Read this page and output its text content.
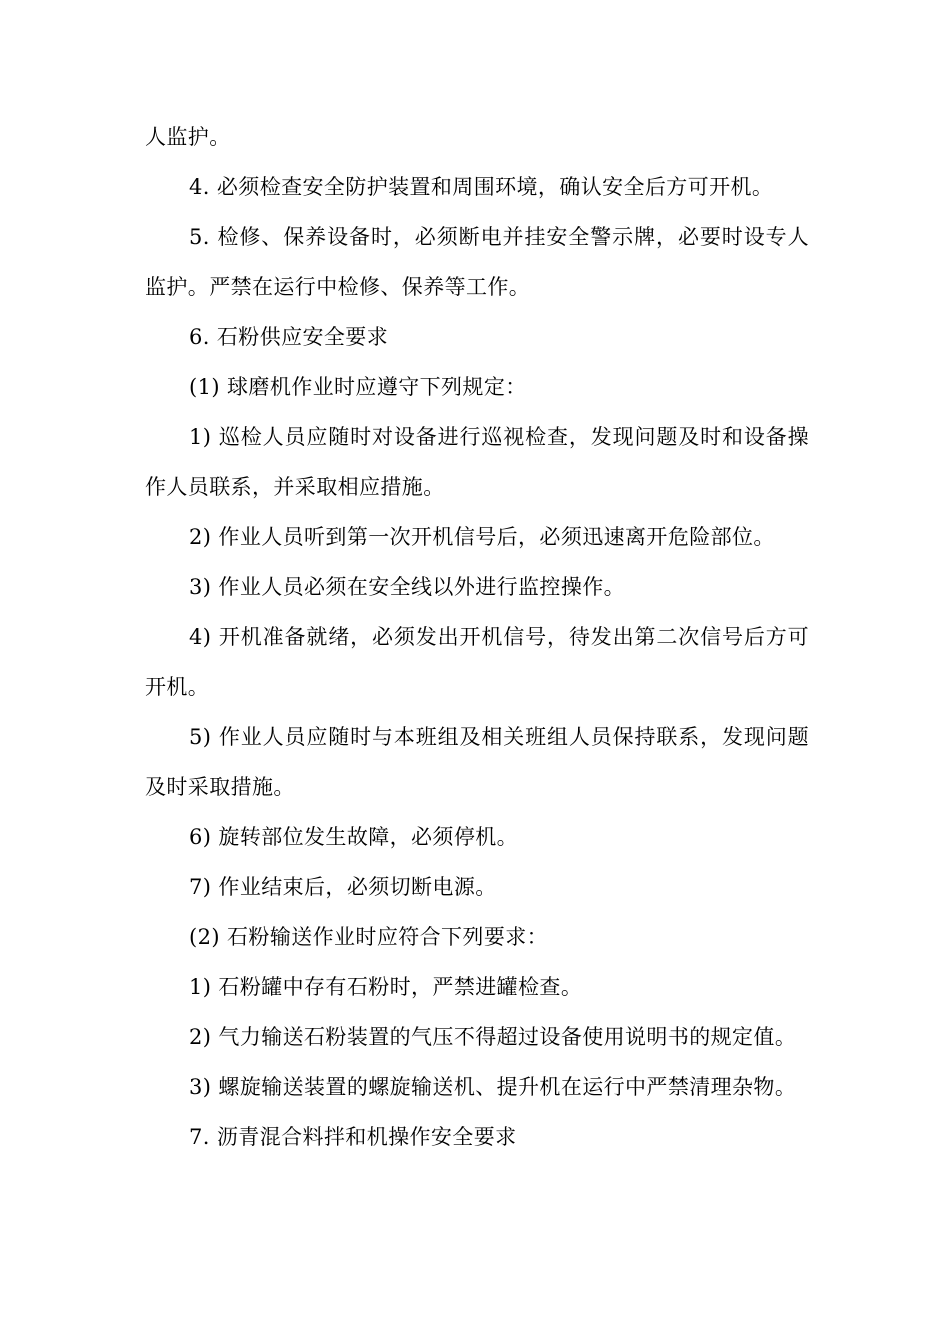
人监护。

4. 必须检查安全防护装置和周围环境，确认安全后方可开机。

5. 检修、保养设备时，必须断电并挂安全警示牌，必要时设专人监护。严禁在运行中检修、保养等工作。

6. 石粉供应安全要求

(1) 球磨机作业时应遵守下列规定：

1) 巡检人员应随时对设备进行巡视检查，发现问题及时和设备操作人员联系，并采取相应措施。

2) 作业人员听到第一次开机信号后，必须迅速离开危险部位。

3) 作业人员必须在安全线以外进行监控操作。

4) 开机准备就绪，必须发出开机信号，待发出第二次信号后方可开机。

5) 作业人员应随时与本班组及相关班组人员保持联系，发现问题及时采取措施。

6) 旋转部位发生故障，必须停机。

7) 作业结束后，必须切断电源。

(2) 石粉输送作业时应符合下列要求：

1) 石粉罐中存有石粉时，严禁进罐检查。

2) 气力输送石粉装置的气压不得超过设备使用说明书的规定值。

3) 螺旋输送装置的螺旋输送机、提升机在运行中严禁清理杂物。

7. 沥青混合料拌和机操作安全要求
